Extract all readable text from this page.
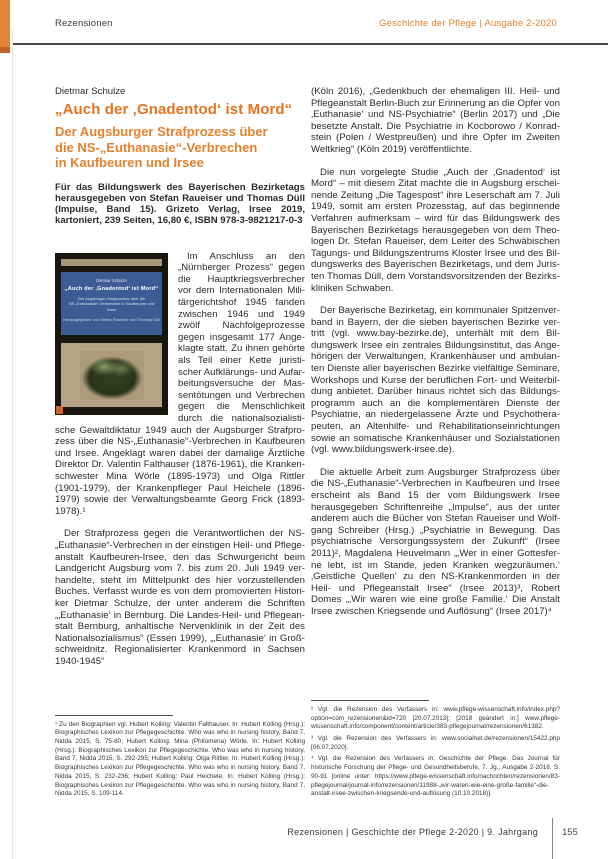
Rezensionen	Geschichte der Pflege | Ausgabe 2-2020
Dietmar Schulze
„Auch der ‚Gnadentod‘ ist Mord“
Der Augsburger Strafprozess über
die NS-„Euthanasie“-Verbrechen
in Kaufbeuren und Irsee

Für das Bildungswerk des Bayerischen Bezirketags herausgegeben von Stefan Raueiser und Thomas Düll (Impulse, Band 15). Grizeto Verlag, Irsee 2019, kartoniert, 239 Seiten, 16,80 €, ISBN 978-3-9821217-0-3

Dietmar Schulze
„Auch der ‚Gnadentod‘ ist Mord“
Der Augsburger Strafprozess über die
NS-„Euthanasie“-Verbrechen in Kaufbeuren und Irsee
Herausgegeben von Stefan Raueiser und Thomas Düll

Im Anschluss an den „Nürnberger Prozess“ gegen die Hauptkriegsverbrecher vor dem Internationalen Militärgerichtshof 1945 fanden zwischen 1946 und 1949 zwölf Nachfolgeprozesse gegen insgesamt 177 Angeklagte statt. Zu ihnen gehörte als Teil einer Kette juristischer Aufklärungs- und Aufarbeitungsversuche der Massentötungen und Verbrechen gegen die Menschlichkeit durch die nationalsozialistische Gewaltdiktatur 1949 auch der Augsburger Strafprozess über die NS-„Euthanasie“-Verbrechen in Kaufbeuren und Irsee. Angeklagt waren dabei der damalige Ärztliche Direktor Dr. Valentin Falthauser (1876-1961), die Krankenschwester Mina Wörle (1895-1973) und Olga Rittler (1901-1979), der Krankenpfleger Paul Heichele (1896-1979) sowie der Verwaltungsbeamte Georg Frick (1893-1978).¹

Der Strafprozess gegen die Verantwortlichen der NS-„Euthanasie“-Verbrechen in der einstigen Heil- und Pflegeanstalt Kaufbeuren-Irsee, den das Schwurgericht beim Landgericht Augsburg vom 7. bis zum 20. Juli 1949 verhandelte, steht im Mittelpunkt des hier vorzustellenden Buches. Verfasst wurde es von dem promovierten Historiker Dietmar Schulze, der unter anderem die Schriften „‚Euthanasie‘ in Bernburg. Die Landes-Heil- und Pflegeanstalt Bernburg, anhaltische Nervenklinik in der Zeit des Nationalsozialismus“ (Essen 1999), „‚Euthanasie‘ in Großschweidnitz. Regionalisierter Krankenmord in Sachsen 1940-1945“

¹ Zu den Biographien vgl. Hubert Kolling: Valentin Falthauser. In: Hubert Kolling (Hrsg.): Biographisches Lexikon zur Pflegegeschichte. Who was who in nursing history, Band 7, Nidda 2015, S. 75-80; Hubert Kolling: Mina (Philomena) Wörle. In: Hubert Kolling (Hrsg.): Biographisches Lexikon zur Pflegegeschichte. Who was who in nursing history, Band 7, Nidda 2015, S. 292-295; Hubert Kolling: Olga Rittler. In: Hubert Kolling (Hrsg.): Biographisches Lexikon zur Pflegegeschichte. Who was who in nursing history, Band 7, Nidda 2015, S. 232-236; Hubert Kolling: Paul Heichele. In: Hubert Kolling (Hrsg.): Biographisches Lexikon zur Pflegegeschichte. Who was who in nursing history, Band 7, Nidda 2015, S. 109-114.

(Köln 2016), „Gedenkbuch der ehemaligen III. Heil- und Pflegeanstalt Berlin-Buch zur Erinnerung an die Opfer von ‚Euthanasie‘ und NS-Psychiatrie“ (Berlin 2017) und „Die besetzte Anstalt. Die Psychiatrie in Kocborowo / Konradstein (Polen / Westpreußen) und ihre Opfer im Zweiten Weltkrieg“ (Köln 2019) veröffentlichte.

Die nun vorgelegte Studie „Auch der ‚Gnadentod‘ ist Mord“ – mit diesem Zitat machte die in Augsburg erscheinende Zeitung „Die Tagespost“ ihre Leserschaft am 7. Juli 1949, somit am ersten Prozesstag, auf das beginnende Verfahren aufmerksam – wird für das Bildungswerk des Bayerischen Bezirketags herausgegeben von dem Theologen Dr. Stefan Raueiser, dem Leiter des Schwäbischen Tagungs- und Bildungszentrums Kloster Irsee und des Bildungswerks des Bayerischen Bezirketags, und dem Juristen Thomas Düll, dem Vorstandsvorsitzenden der Bezirkskliniken Schwaben.

Der Bayerische Bezirketag, ein kommunaler Spitzenverband in Bayern, der die sieben bayerischen Bezirke vertritt (vgl. www.bay-bezirke.de), unterhält mit dem Bildungswerk Irsee ein zentrales Bildungsinstitut, das Angehörigen der Verwaltungen, Krankenhäuser und ambulanten Dienste aller bayerischen Bezirke vielfältige Seminare, Workshops und Kurse der beruflichen Fort- und Weiterbildung anbietet. Darüber hinaus richtet sich das Bildungsprogramm auch an die komplementären Dienste der Psychiatrie, an niedergelassene Ärzte und Psychotherapeuten, an Altenhilfe- und Rehabilitationseinrichtungen sowie an somatische Krankenhäuser und Sozialstationen (vgl. www.bildungswerk-irsee.de).

Die aktuelle Arbeit zum Augsburger Strafprozess über die NS-„Euthanasie“-Verbrechen in Kaufbeuren und Irsee erscheint als Band 15 der vom Bildungswerk Irsee herausgegeben Schriftenreihe „Impulse“, aus der unter anderem auch die Bücher von Stefan Raueiser und Wolfgang Schreiber (Hrsg.) „Psychiatrie in Bewegung. Das psychiatrische Versorgungssystem der Zukunft“ (Irsee 2011)², Magdalena Heuvelmann „‚Wer in einer Gottesferne lebt, ist im Stande, jeden Kranken wegzuräumen.‘ ‚Geistliche Quellen‘ zu den NS-Krankenmorden in der Heil- und Pflegeanstalt Irsee“ (Irsee 2013)³, Robert Domes „‚Wir waren wie eine große Familie.‘ Die Anstalt Irsee zwischen Kriegsende und Auflösung“ (Irsee 2017)⁴

² Vgl. die Rezension des Verfassers in: www.pflege-wissenschaft.info/index.php?option=com_rezensionen&id=720 [20.07.2013]; [2018 geändert in:] www.pflege-wissenschaft.info/component/content/article/383-pflegejournal/rezensionen/61382.

³ Vgl. die Rezension des Verfassers in: www.socialnet.de/rezensionen/15422.php [06.07.2020].

⁴ Vgl. die Rezension des Verfassers in: Geschichte der Pflege. Das Journal für historische Forschung der Pflege- und Gesundheitsberufe, 7. Jg., Ausgabe 2-2018, S. 90-91 [online unter: https://www.pflege-wissenschaft.info/nachrichten/rezensionen/83-pflegejournal/journal-info/rezensionen/11988-„wir-waren-wie-eine-große-familie“-die-anstalt-irsee-zwischen-kriegsende-und-auflösung (10.10.2018)].

Rezensionen | Geschichte der Pflege 2-2020 | 9. Jahrgang	155
